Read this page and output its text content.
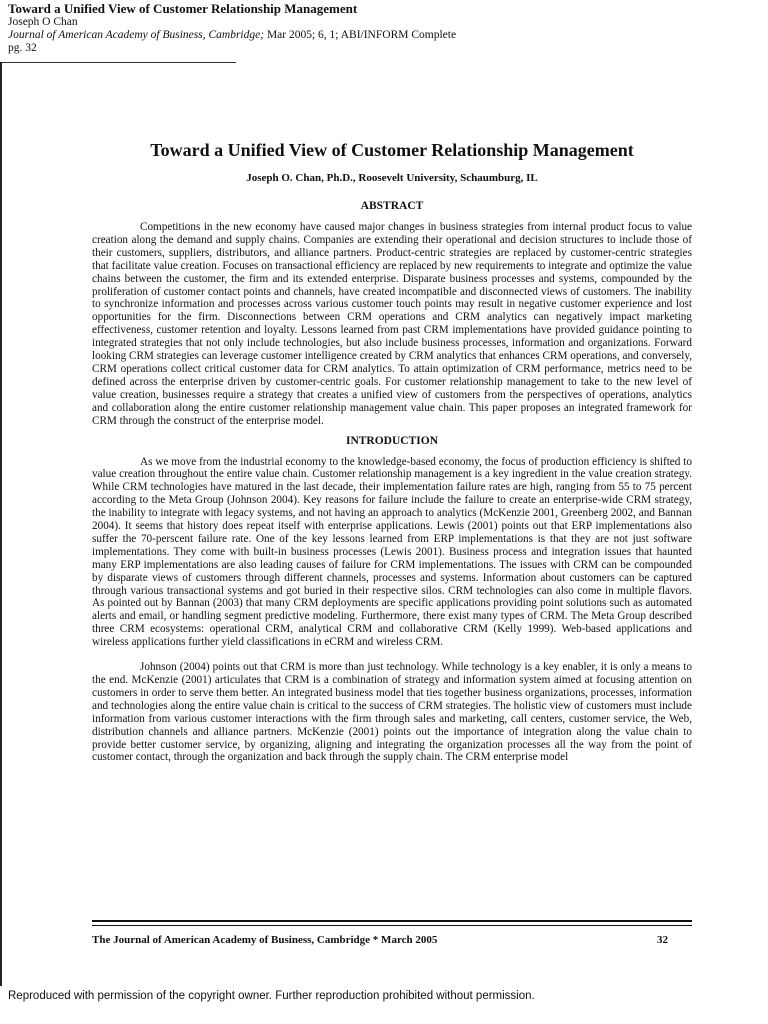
Toward a Unified View of Customer Relationship Management
Joseph O Chan
Journal of American Academy of Business, Cambridge; Mar 2005; 6, 1; ABI/INFORM Complete
pg. 32
Toward a Unified View of Customer Relationship Management

Joseph O. Chan, Ph.D., Roosevelt University, Schaumburg, IL

ABSTRACT

Competitions in the new economy have caused major changes in business strategies from internal product focus to value creation along the demand and supply chains. Companies are extending their operational and decision structures to include those of their customers, suppliers, distributors, and alliance partners. Product-centric strategies are replaced by customer-centric strategies that facilitate value creation. Focuses on transactional efficiency are replaced by new requirements to integrate and optimize the value chains between the customer, the firm and its extended enterprise. Disparate business processes and systems, compounded by the proliferation of customer contact points and channels, have created incompatible and disconnected views of customers. The inability to synchronize information and processes across various customer touch points may result in negative customer experience and lost opportunities for the firm. Disconnections between CRM operations and CRM analytics can negatively impact marketing effectiveness, customer retention and loyalty. Lessons learned from past CRM implementations have provided guidance pointing to integrated strategies that not only include technologies, but also include business processes, information and organizations. Forward looking CRM strategies can leverage customer intelligence created by CRM analytics that enhances CRM operations, and conversely, CRM operations collect critical customer data for CRM analytics. To attain optimization of CRM performance, metrics need to be defined across the enterprise driven by customer-centric goals. For customer relationship management to take to the new level of value creation, businesses require a strategy that creates a unified view of customers from the perspectives of operations, analytics and collaboration along the entire customer relationship management value chain. This paper proposes an integrated framework for CRM through the construct of the enterprise model.

INTRODUCTION

As we move from the industrial economy to the knowledge-based economy, the focus of production efficiency is shifted to value creation throughout the entire value chain. Customer relationship management is a key ingredient in the value creation strategy. While CRM technologies have matured in the last decade, their implementation failure rates are high, ranging from 55 to 75 percent according to the Meta Group (Johnson 2004). Key reasons for failure include the failure to create an enterprise-wide CRM strategy, the inability to integrate with legacy systems, and not having an approach to analytics (McKenzie 2001, Greenberg 2002, and Bannan 2004). It seems that history does repeat itself with enterprise applications. Lewis (2001) points out that ERP implementations also suffer the 70-perscent failure rate. One of the key lessons learned from ERP implementations is that they are not just software implementations. They come with built-in business processes (Lewis 2001). Business process and integration issues that haunted many ERP implementations are also leading causes of failure for CRM implementations. The issues with CRM can be compounded by disparate views of customers through different channels, processes and systems. Information about customers can be captured through various transactional systems and got buried in their respective silos. CRM technologies can also come in multiple flavors. As pointed out by Bannan (2003) that many CRM deployments are specific applications providing point solutions such as automated alerts and email, or handling segment predictive modeling. Furthermore, there exist many types of CRM. The Meta Group described three CRM ecosystems: operational CRM, analytical CRM and collaborative CRM (Kelly 1999). Web-based applications and wireless applications further yield classifications in eCRM and wireless CRM.

Johnson (2004) points out that CRM is more than just technology. While technology is a key enabler, it is only a means to the end. McKenzie (2001) articulates that CRM is a combination of strategy and information system aimed at focusing attention on customers in order to serve them better. An integrated business model that ties together business organizations, processes, information and technologies along the entire value chain is critical to the success of CRM strategies. The holistic view of customers must include information from various customer interactions with the firm through sales and marketing, call centers, customer service, the Web, distribution channels and alliance partners. McKenzie (2001) points out the importance of integration along the value chain to provide better customer service, by organizing, aligning and integrating the organization processes all the way from the point of customer contact, through the organization and back through the supply chain. The CRM enterprise model

The Journal of American Academy of Business, Cambridge * March 2005	32
Reproduced with permission of the copyright owner. Further reproduction prohibited without permission.
